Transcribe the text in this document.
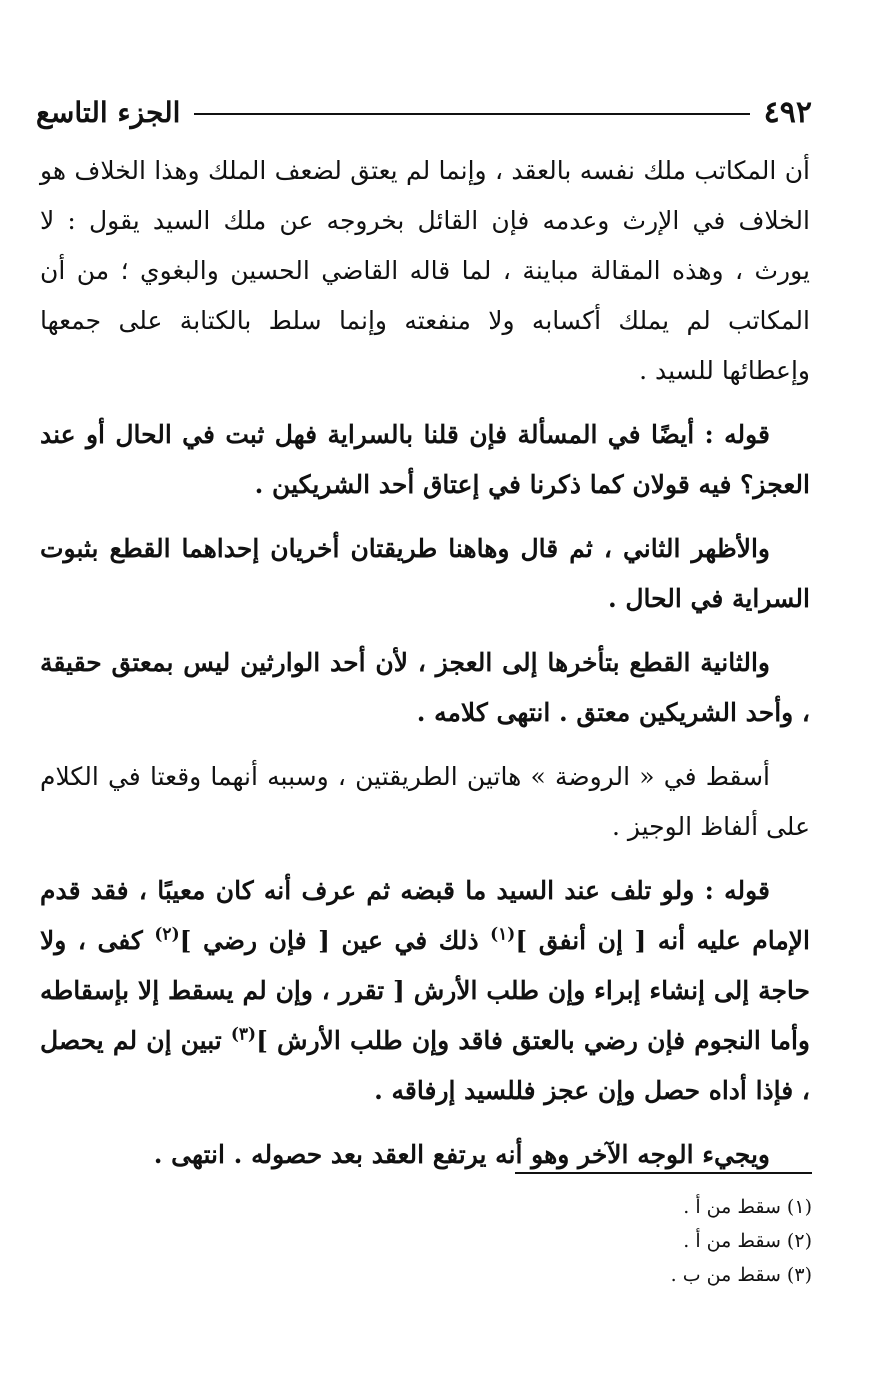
٤٩٢
الجزء التاسع

أن المكاتب ملك نفسه بالعقد ، وإنما لم يعتق لضعف الملك وهذا الخلاف هو الخلاف في الإرث وعدمه فإن القائل بخروجه عن ملك السيد يقول : لا يورث ، وهذه المقالة مباينة ، لما قاله القاضي الحسين والبغوي ؛ من أن المكاتب لم يملك أكسابه ولا منفعته وإنما سلط بالكتابة على جمعها وإعطائها للسيد .

قوله : أيضًا في المسألة فإن قلنا بالسراية فهل ثبت في الحال أو عند العجز؟ فيه قولان كما ذكرنا في إعتاق أحد الشريكين .

والأظهر الثاني ، ثم قال وهاهنا طريقتان أخريان إحداهما القطع بثبوت السراية في الحال .

والثانية القطع بتأخرها إلى العجز ، لأن أحد الوارثين ليس بمعتق حقيقة ، وأحد الشريكين معتق . انتهى كلامه .

أسقط في « الروضة » هاتين الطريقتين ، وسببه أنهما وقعتا في الكلام على ألفاظ الوجيز .

قوله : ولو تلف عند السيد ما قبضه ثم عرف أنه كان معيبًا ، فقد قدم الإمام عليه أنه [ إن أنفق ]$^{(١)}$ ذلك في عين [ فإن رضي ]$^{(٢)}$ كفى ، ولا حاجة إلى إنشاء إبراء وإن طلب الأرش [ تقرر ، وإن لم يسقط إلا بإسقاطه وأما النجوم فإن رضي بالعتق فاقد وإن طلب الأرش ]$^{(٣)}$ تبين إن لم يحصل ، فإذا أداه حصل وإن عجز فللسيد إرفاقه .

ويجيء الوجه الآخر وهو أنه يرتفع العقد بعد حصوله . انتهى .

(١) سقط من أ .

(٢) سقط من أ .

(٣) سقط من ب .
